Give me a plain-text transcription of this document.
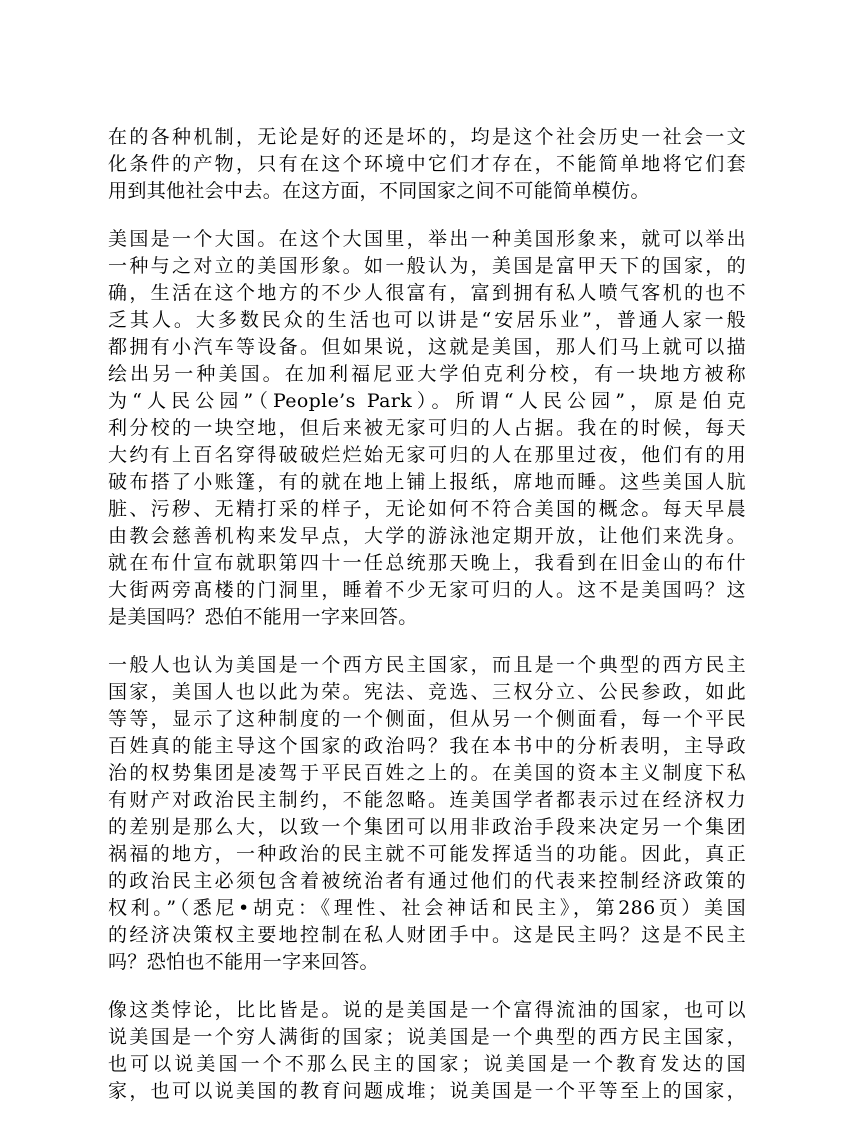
在的各种机制，无论是好的还是坏的，均是这个社会历史一社会一文
化条件的产物，只有在这个环境中它们才存在，不能简单地将它们套
用到其他社会中去。在这方面，不同国家之间不可能简单模仿。
美国是一个大国。在这个大国里，举出一种美国形象来，就可以举出
一种与之对立的美国形象。如一般认为，美国是富甲天下的国家，的
确，生活在这个地方的不少人很富有，富到拥有私人喷气客机的也不
乏其人。大多数民众的生活也可以讲是“安居乐业”，普通人家一般
都拥有小汽车等设备。但如果说，这就是美国，那人们马上就可以描
绘出另一种美国。在加利福尼亚大学伯克利分校，有一块地方被称
为“人民公园”（People’s Park）。所谓“人民公园”，原是伯克
利分校的一块空地，但后来被无家可归的人占据。我在的时候，每天
大约有上百名穿得破破烂烂始无家可归的人在那里过夜，他们有的用
破布搭了小账篷，有的就在地上铺上报纸，席地而睡。这些美国人肮
脏、污秽、无精打采的样子，无论如何不符合美国的概念。每天早晨
由教会慈善机构来发早点，大学的游泳池定期开放，让他们来洗身。
就在布什宣布就职第四十一任总统那天晚上，我看到在旧金山的布什
大街两旁髙楼的门洞里，睡着不少无家可归的人。这不是美国吗？这
是美国吗？恐伯不能用一字来回答。
一般人也认为美国是一个西方民主国家，而且是一个典型的西方民主
国家，美国人也以此为荣。宪法、竞选、三权分立、公民参政，如此
等等，显示了这种制度的一个侧面，但从另一个侧面看，每一个平民
百姓真的能主导这个国家的政治吗？我在本书中的分析表明，主导政
治的权势集团是凌驾于平民百姓之上的。在美国的资本主义制度下私
有财产对政治民主制约，不能忽略。连美国学者都表示过在经济权力
的差别是那么大，以致一个集团可以用非政治手段来决定另一个集团
祸福的地方，一种政治的民主就不可能发挥适当的功能。因此，真正
的政治民主必须包含着被统治者有通过他们的代表来控制经济政策的
权利。”（悉尼•胡克：《理性、社会神话和民主》，第286页）美国
的经济决策权主要地控制在私人财团手中。这是民主吗？这是不民主
吗？恐怕也不能用一字来回答。
像这类悖论，比比皆是。说的是美国是一个富得流油的国家，也可以
说美国是一个穷人满街的国家；说美国是一个典型的西方民主国家，
也可以说美国一个不那么民主的国家；说美国是一个教育发达的国
家，也可以说美国的教育问题成堆；说美国是一个平等至上的国家，
